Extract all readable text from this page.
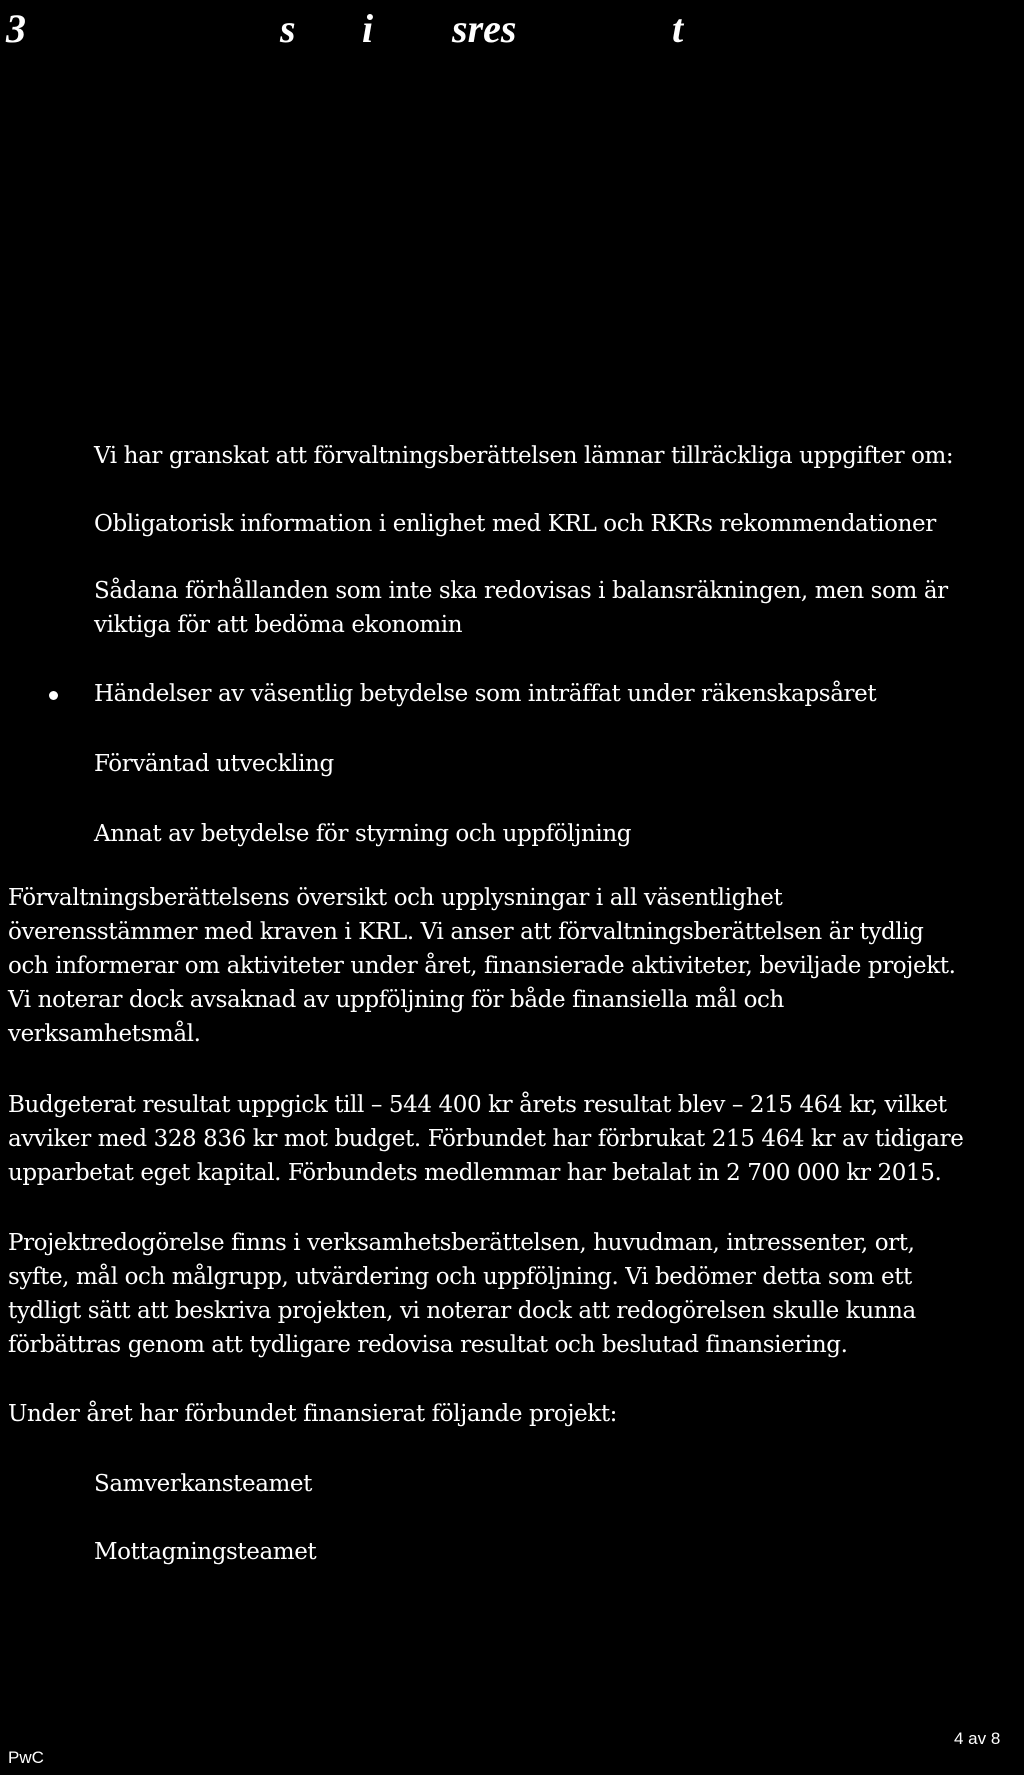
3	s i sres	t
Vi har granskat att förvaltningsberättelsen lämnar tillräckliga uppgifter om:
Obligatorisk information i enlighet med KRL och RKRs rekommendationer
Sådana förhållanden som inte ska redovisas i balansräkningen, men som är
viktiga för att bedöma ekonomin
Händelser av väsentlig betydelse som inträffat under räkenskapsåret
Förväntad utveckling
Annat av betydelse för styrning och uppföljning
Förvaltningsberättelsens översikt och upplysningar i all väsentlighet
överensstämmer med kraven i KRL. Vi anser att förvaltningsberättelsen är tydlig
och informerar om aktiviteter under året, finansierade aktiviteter, beviljade projekt.
Vi noterar dock avsaknad av uppföljning för både finansiella mål och
verksamhetsmål.
Budgeterat resultat uppgick till – 544 400 kr årets resultat blev – 215 464 kr, vilket
avviker med 328 836 kr mot budget. Förbundet har förbrukat 215 464 kr av tidigare
upparbetat eget kapital. Förbundets medlemmar har betalat in 2 700 000 kr 2015.
Projektredogörelse finns i verksamhetsberättelsen, huvudman, intressenter, ort,
syfte, mål och målgrupp, utvärdering och uppföljning. Vi bedömer detta som ett
tydligt sätt att beskriva projekten, vi noterar dock att redogörelsen skulle kunna
förbättras genom att tydligare redovisa resultat och beslutad finansiering.
Under året har förbundet finansierat följande projekt:
Samverkansteamet
Mottagningsteamet
4 av 8
PwC
